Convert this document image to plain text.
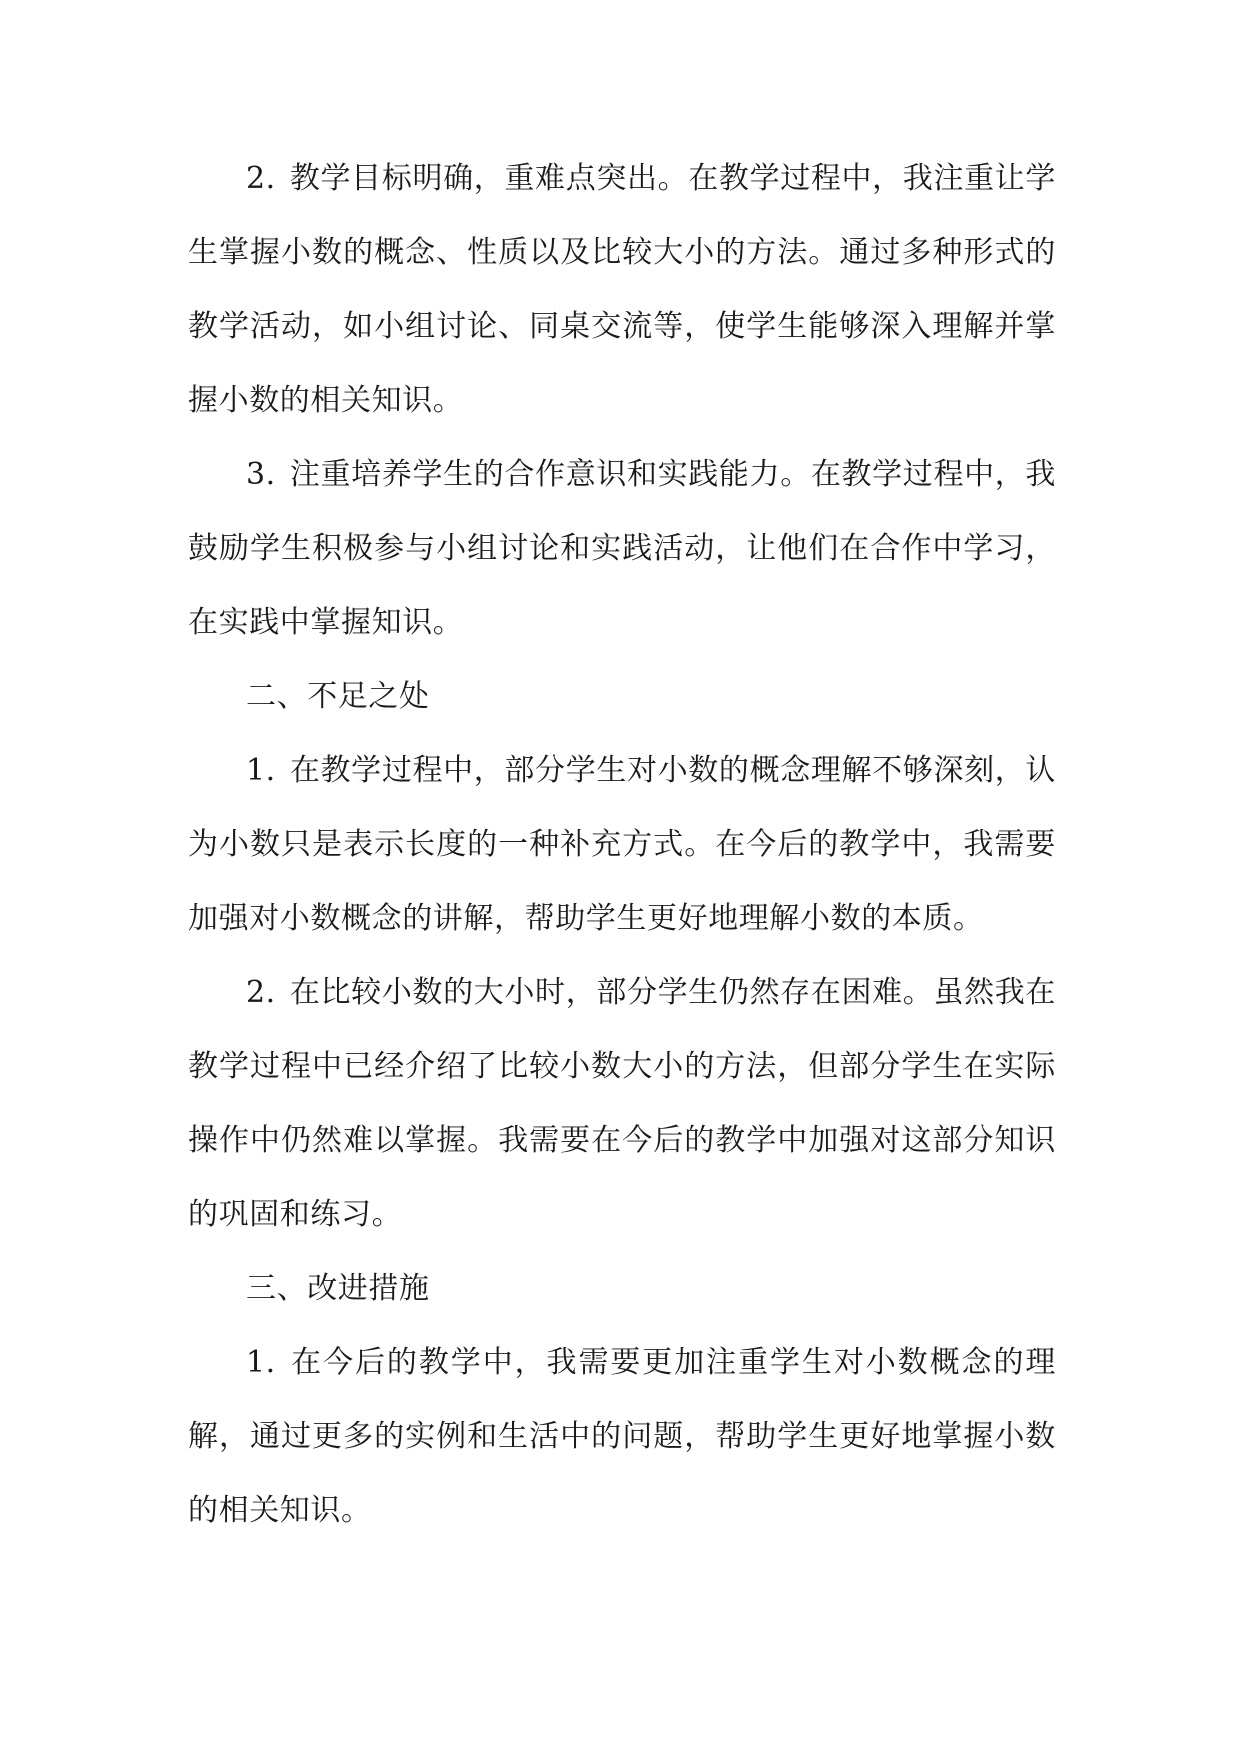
2. 教学目标明确，重难点突出。在教学过程中，我注重让学生掌握小数的概念、性质以及比较大小的方法。通过多种形式的教学活动，如小组讨论、同桌交流等，使学生能够深入理解并掌握小数的相关知识。

3. 注重培养学生的合作意识和实践能力。在教学过程中，我鼓励学生积极参与小组讨论和实践活动，让他们在合作中学习，在实践中掌握知识。

二、不足之处

1. 在教学过程中，部分学生对小数的概念理解不够深刻，认为小数只是表示长度的一种补充方式。在今后的教学中，我需要加强对小数概念的讲解，帮助学生更好地理解小数的本质。

2. 在比较小数的大小时，部分学生仍然存在困难。虽然我在教学过程中已经介绍了比较小数大小的方法，但部分学生在实际操作中仍然难以掌握。我需要在今后的教学中加强对这部分知识的巩固和练习。

三、改进措施

1. 在今后的教学中，我需要更加注重学生对小数概念的理解，通过更多的实例和生活中的问题，帮助学生更好地掌握小数的相关知识。
